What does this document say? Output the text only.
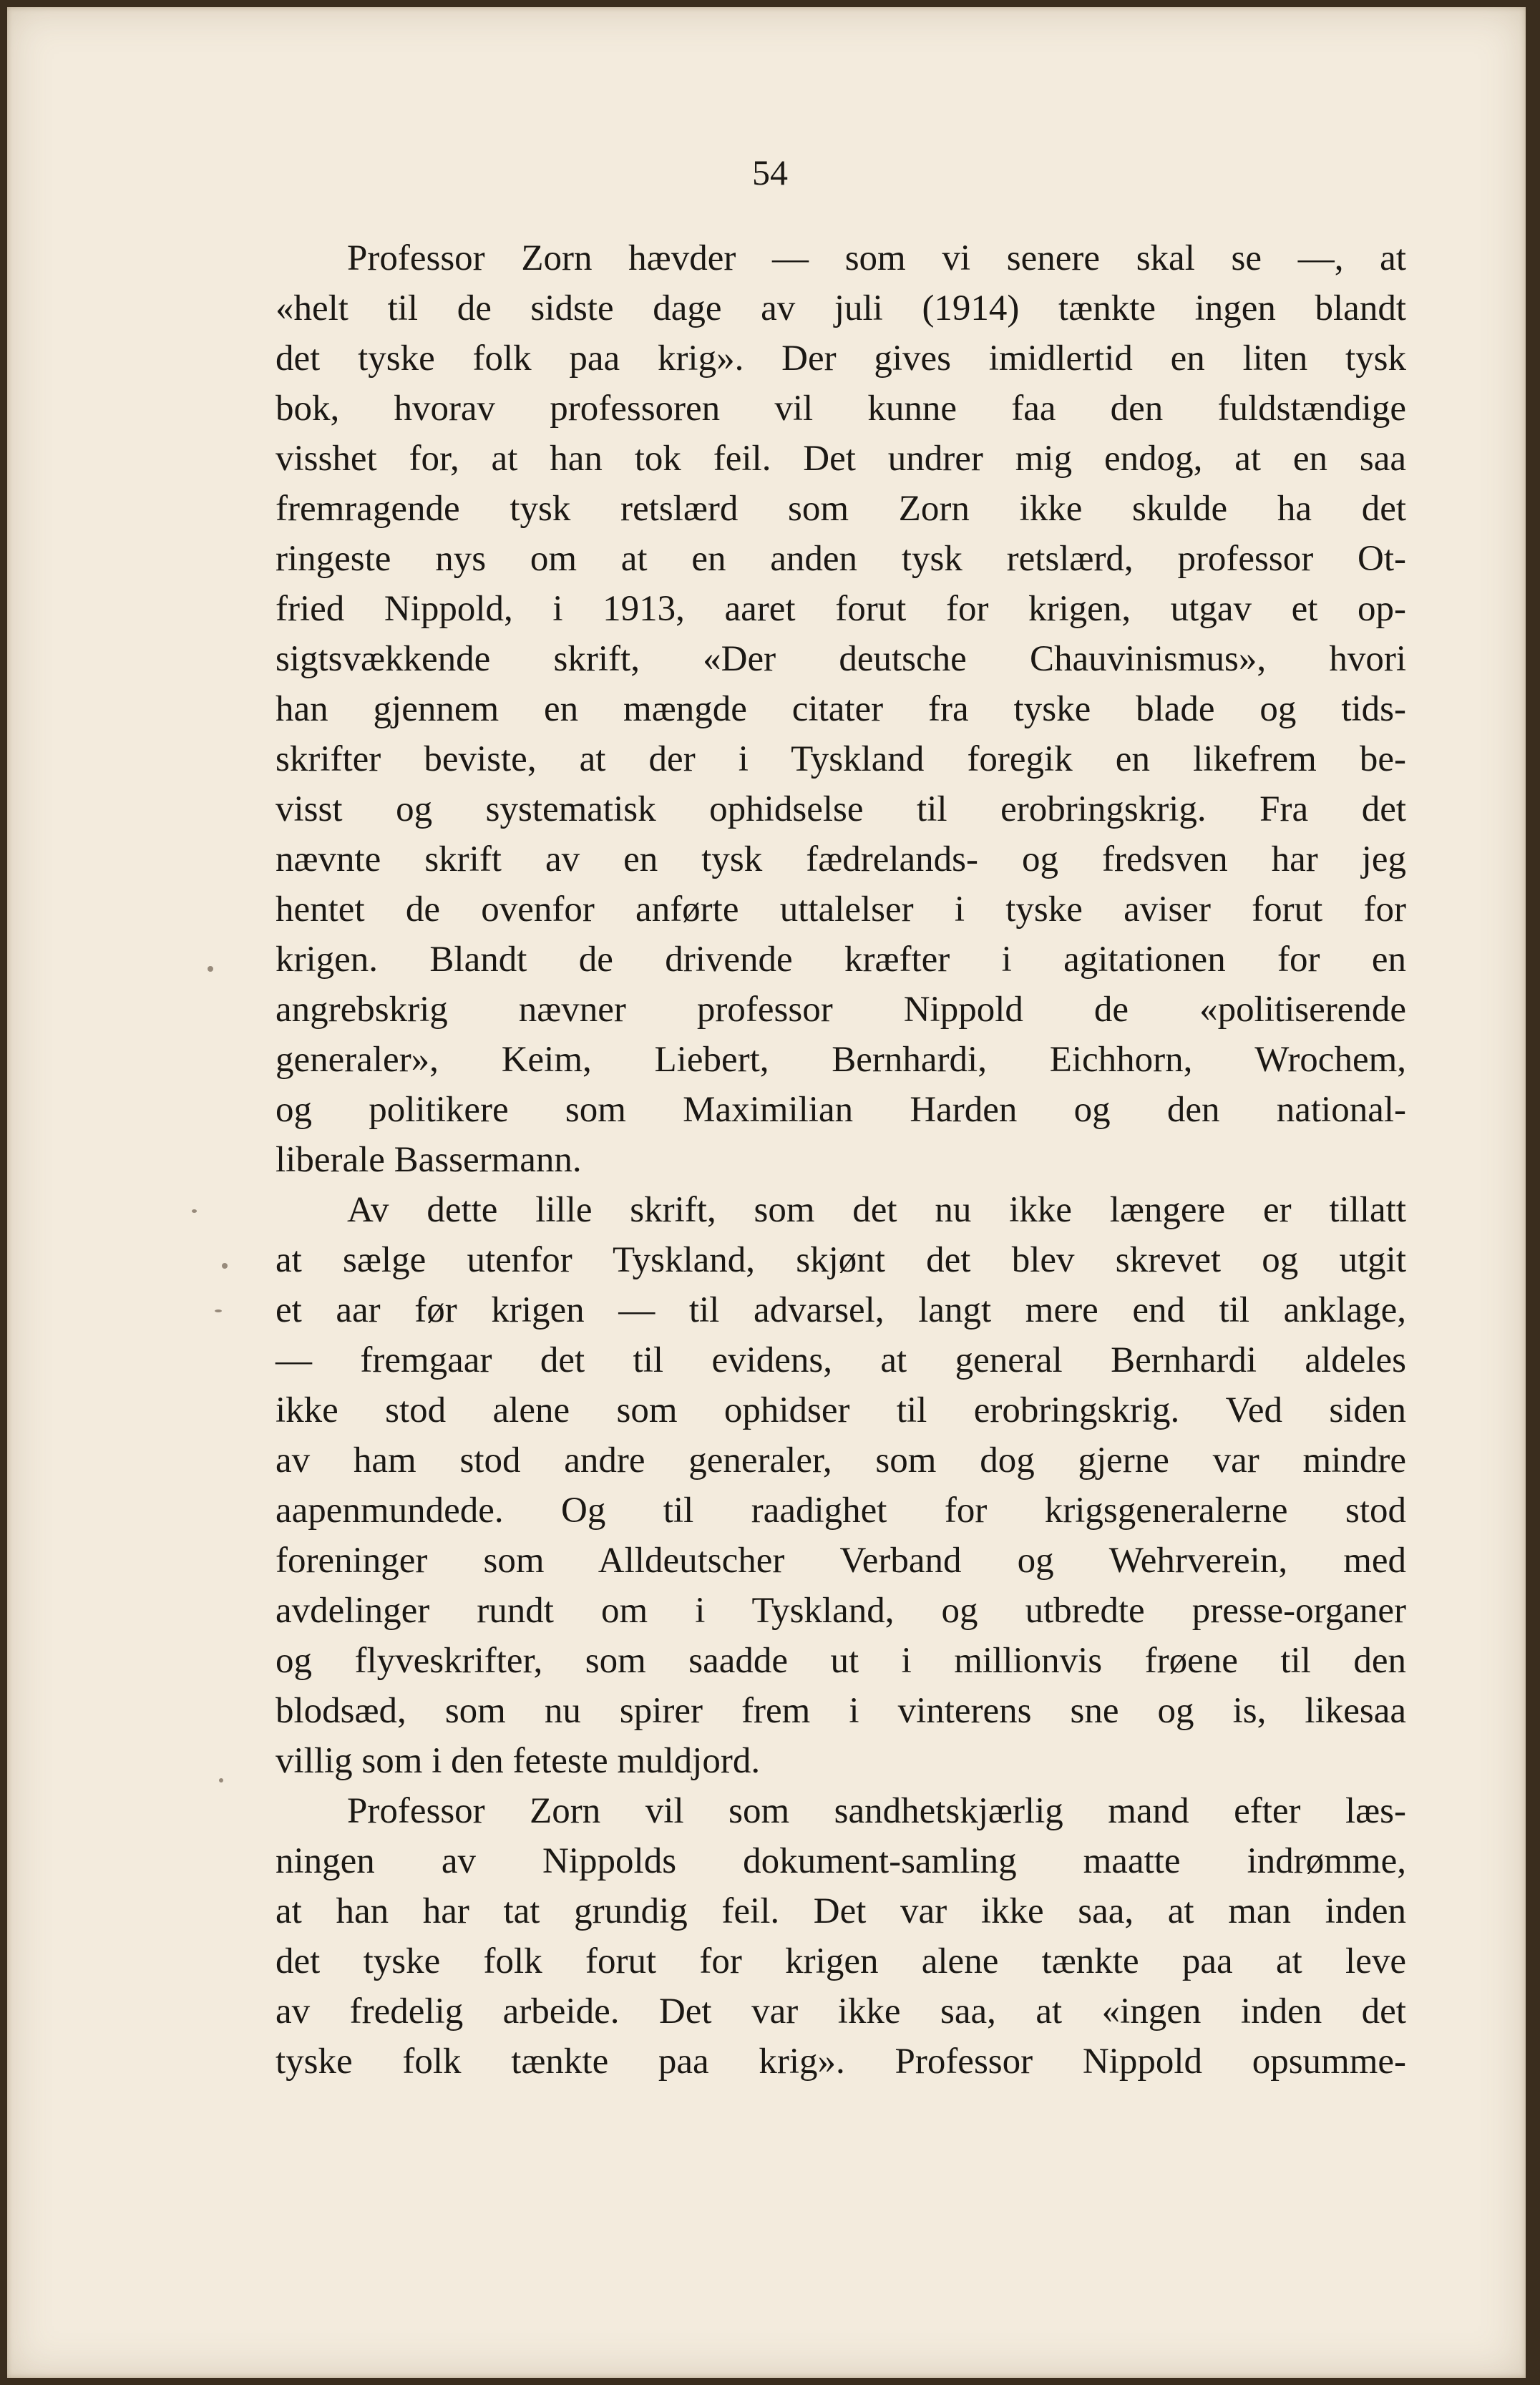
54

Professor Zorn hævder — som vi senere skal se —, at
«helt til de sidste dage av juli (1914) tænkte ingen blandt
det tyske folk paa krig». Der gives imidlertid en liten tysk
bok, hvorav professoren vil kunne faa den fuldstændige
visshet for, at han tok feil. Det undrer mig endog, at en saa
fremragende tysk retslærd som Zorn ikke skulde ha det
ringeste nys om at en anden tysk retslærd, professor Ot-
fried Nippold, i 1913, aaret forut for krigen, utgav et op-
sigtsvækkende skrift, «Der deutsche Chauvinismus», hvori
han gjennem en mængde citater fra tyske blade og tids-
skrifter beviste, at der i Tyskland foregik en likefrem be-
visst og systematisk ophidselse til erobringskrig. Fra det
nævnte skrift av en tysk fædrelands- og fredsven har jeg
hentet de ovenfor anførte uttalelser i tyske aviser forut for
krigen. Blandt de drivende kræfter i agitationen for en
angrebskrig nævner professor Nippold de «politiserende
generaler», Keim, Liebert, Bernhardi, Eichhorn, Wrochem,
og politikere som Maximilian Harden og den national-
liberale Bassermann.

Av dette lille skrift, som det nu ikke længere er tillatt
at sælge utenfor Tyskland, skjønt det blev skrevet og utgit
et aar før krigen — til advarsel, langt mere end til anklage,
— fremgaar det til evidens, at general Bernhardi aldeles
ikke stod alene som ophidser til erobringskrig. Ved siden
av ham stod andre generaler, som dog gjerne var mindre
aapenmundede. Og til raadighet for krigsgeneralerne stod
foreninger som Alldeutscher Verband og Wehrverein, med
avdelinger rundt om i Tyskland, og utbredte presse-organer
og flyveskrifter, som saadde ut i millionvis frøene til den
blodsæd, som nu spirer frem i vinterens sne og is, likesaa
villig som i den feteste muldjord.

Professor Zorn vil som sandhetskjærlig mand efter læs-
ningen av Nippolds dokument-samling maatte indrømme,
at han har tat grundig feil. Det var ikke saa, at man inden
det tyske folk forut for krigen alene tænkte paa at leve
av fredelig arbeide. Det var ikke saa, at «ingen inden det
tyske folk tænkte paa krig». Professor Nippold opsumme-
